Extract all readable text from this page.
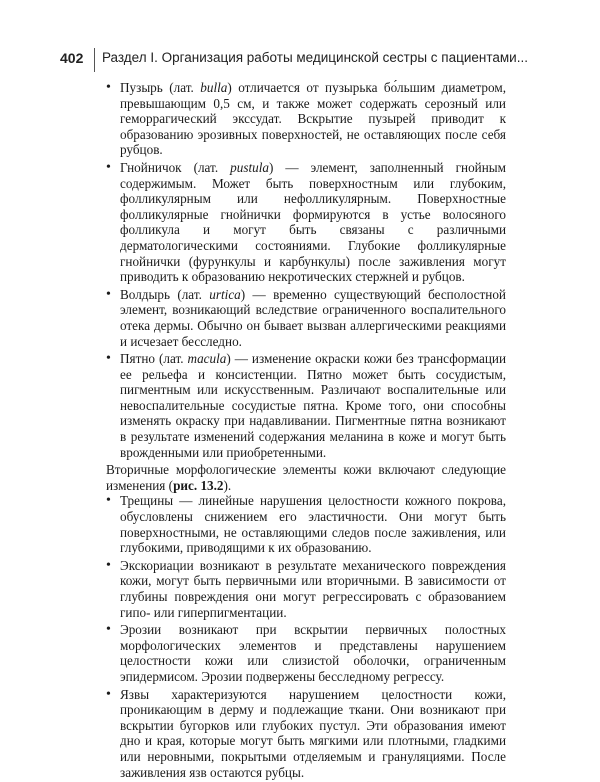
402 Раздел I. Организация работы медицинской сестры с пациентами...
• Пузырь (лат. bulla) отличается от пузырька бо́льшим диаметром, превышающим 0,5 см, и также может содержать серозный или геморрагический экссудат. Вскрытие пузырей приводит к образованию эрозивных поверхностей, не оставляющих после себя рубцов.
• Гнойничок (лат. pustula) — элемент, заполненный гнойным содержимым. Может быть поверхностным или глубоким, фолликулярным или нефолликулярным. Поверхностные фолликулярные гнойнички формируются в устье волосяного фолликула и могут быть связаны с различными дерматологическими состояниями. Глубокие фолликулярные гнойнички (фурункулы и карбункулы) после заживления могут приводить к образованию некротических стержней и рубцов.
• Волдырь (лат. urtica) — временно существующий бесполостной элемент, возникающий вследствие ограниченного воспалительного отека дермы. Обычно он бывает вызван аллергическими реакциями и исчезает бесследно.
• Пятно (лат. macula) — изменение окраски кожи без трансформации ее рельефа и консистенции. Пятно может быть сосудистым, пигментным или искусственным. Различают воспалительные или невоспалительные сосудистые пятна. Кроме того, они способны изменять окраску при надавливании. Пигментные пятна возникают в результате изменений содержания меланина в коже и могут быть врожденными или приобретенными.

Вторичные морфологические элементы кожи включают следующие изменения (рис. 13.2).

• Трещины — линейные нарушения целостности кожного покрова, обусловлены снижением его эластичности. Они могут быть поверхностными, не оставляющими следов после заживления, или глубокими, приводящими к их образованию.
• Экскориации возникают в результате механического повреждения кожи, могут быть первичными или вторичными. В зависимости от глубины повреждения они могут регрессировать с образованием гипо- или гиперпигментации.
• Эрозии возникают при вскрытии первичных полостных морфологических элементов и представлены нарушением целостности кожи или слизистой оболочки, ограниченным эпидермисом. Эрозии подвержены бесследному регрессу.
• Язвы характеризуются нарушением целостности кожи, проникающим в дерму и подлежащие ткани. Они возникают при вскрытии бугорков или глубоких пустул. Эти образования имеют дно и края, которые могут быть мягкими или плотными, гладкими или неровными, покрытыми отделяемым и грануляциями. После заживления язв остаются рубцы.
